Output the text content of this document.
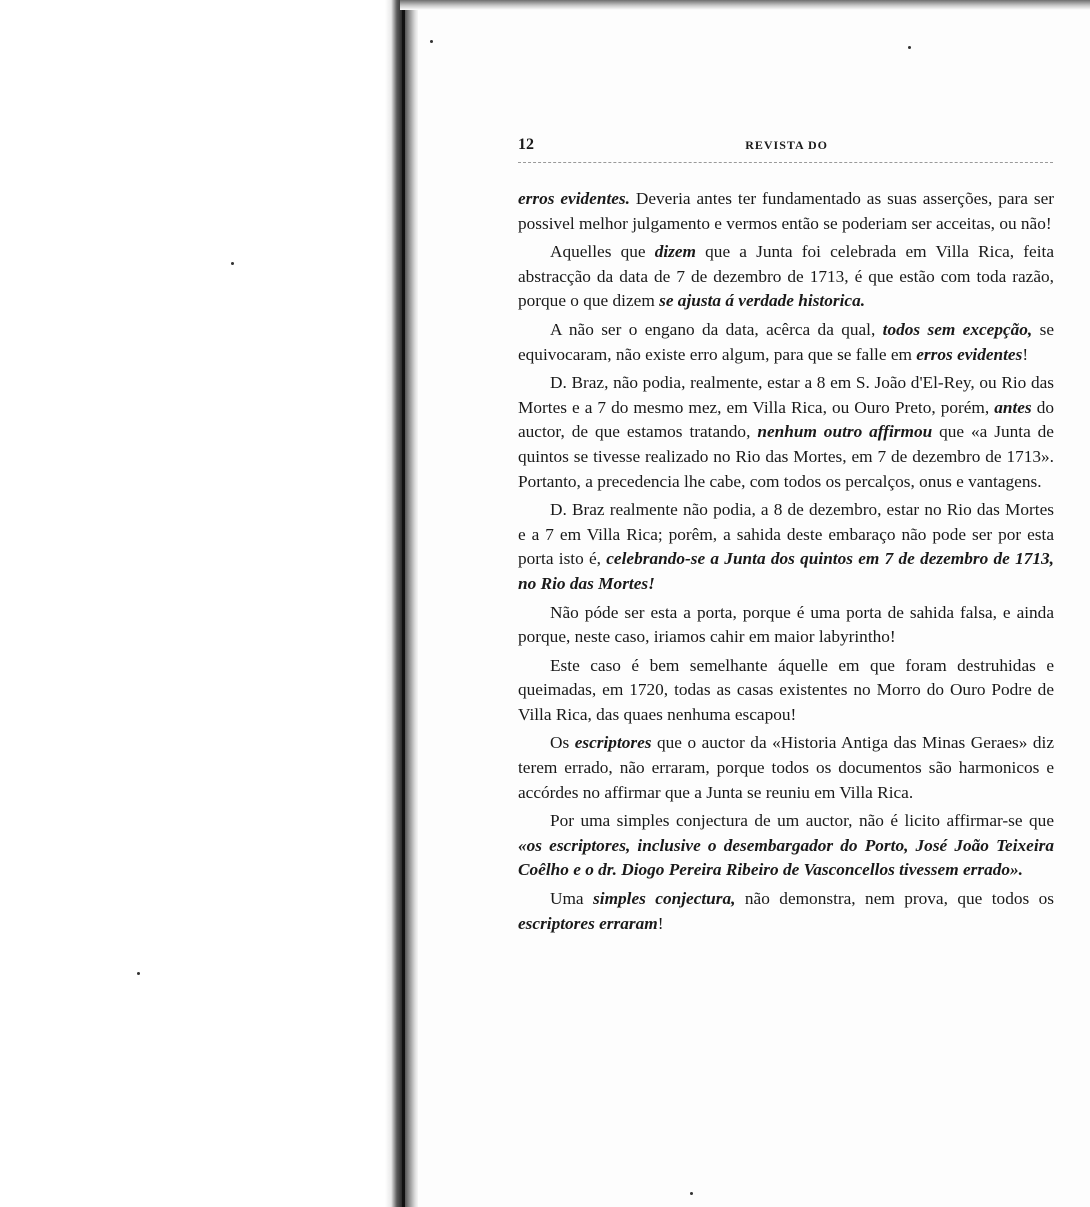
12	REVISTA DO

erros evidentes. Deveria antes ter fundamentado as suas asserções, para ser possivel melhor julgamento e vermos então se poderiam ser acceitas, ou não!

Aquelles que dizem que a Junta foi celebrada em Villa Rica, feita abstracção da data de 7 de dezembro de 1713, é que estão com toda razão, porque o que dizem se ajusta á verdade historica.

A não ser o engano da data, acêrca da qual, todos sem excepção, se equivocaram, não existe erro algum, para que se falle em erros evidentes!

D. Braz, não podia, realmente, estar a 8 em S. João d'El-Rey, ou Rio das Mortes e a 7 do mesmo mez, em Villa Rica, ou Ouro Preto, porém, antes do auctor, de que estamos tratando, nenhum outro affirmou que «a Junta de quintos se tivesse realizado no Rio das Mortes, em 7 de dezembro de 1713». Portanto, a precedencia lhe cabe, com todos os percalços, onus e vantagens.

D. Braz realmente não podia, a 8 de dezembro, estar no Rio das Mortes e a 7 em Villa Rica; porêm, a sahida deste embaraço não pode ser por esta porta isto é, celebrando-se a Junta dos quintos em 7 de dezembro de 1713, no Rio das Mortes!

Não póde ser esta a porta, porque é uma porta de sahida falsa, e ainda porque, neste caso, iriamos cahir em maior labyrintho!

Este caso é bem semelhante áquelle em que foram destruhidas e queimadas, em 1720, todas as casas existentes no Morro do Ouro Podre de Villa Rica, das quaes nenhuma escapou!

Os escriptores que o auctor da «Historia Antiga das Minas Geraes» diz terem errado, não erraram, porque todos os documentos são harmonicos e accórdes no affirmar que a Junta se reuniu em Villa Rica.

Por uma simples conjectura de um auctor, não é licito affirmar-se que «os escriptores, inclusive o desembargador do Porto, José João Teixeira Coêlho e o dr. Diogo Pereira Ribeiro de Vasconcellos tivessem errado».

Uma simples conjectura, não demonstra, nem prova, que todos os escriptores erraram!
